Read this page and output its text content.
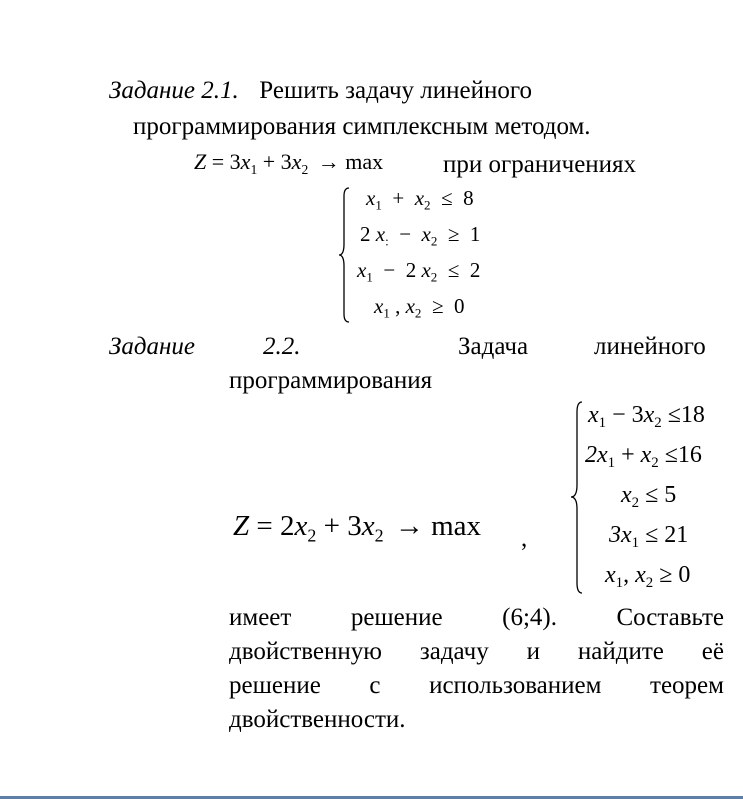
Задание 2.1. Решить задачу линейного
программирования симплексным методом.
$Z = 3x_1 + 3x_2 \to \max$ при ограничениях
$x_1 + x_2 \le 8$
2 $x_: - x_2 \ge 1$
$x_1 - 2$ $x_2 \le 2$
$x_1$ , $x_2 \ge 0$
Задание	2.2.	Задача	линейного
программирования
$Z = 2x_2 + 3x_2 \to \max$ ,
$x_1 - 3x_2 \le 18$
$2x_1 + x_2 \le 16$
$x_2 \le 5$
$3x_1 \le 21$
$x_1$, $x_2 \ge 0$
имеет решение (6;4). Составьте
двойственную задачу и найдите её
решение с использованием теорем
двойственности.
